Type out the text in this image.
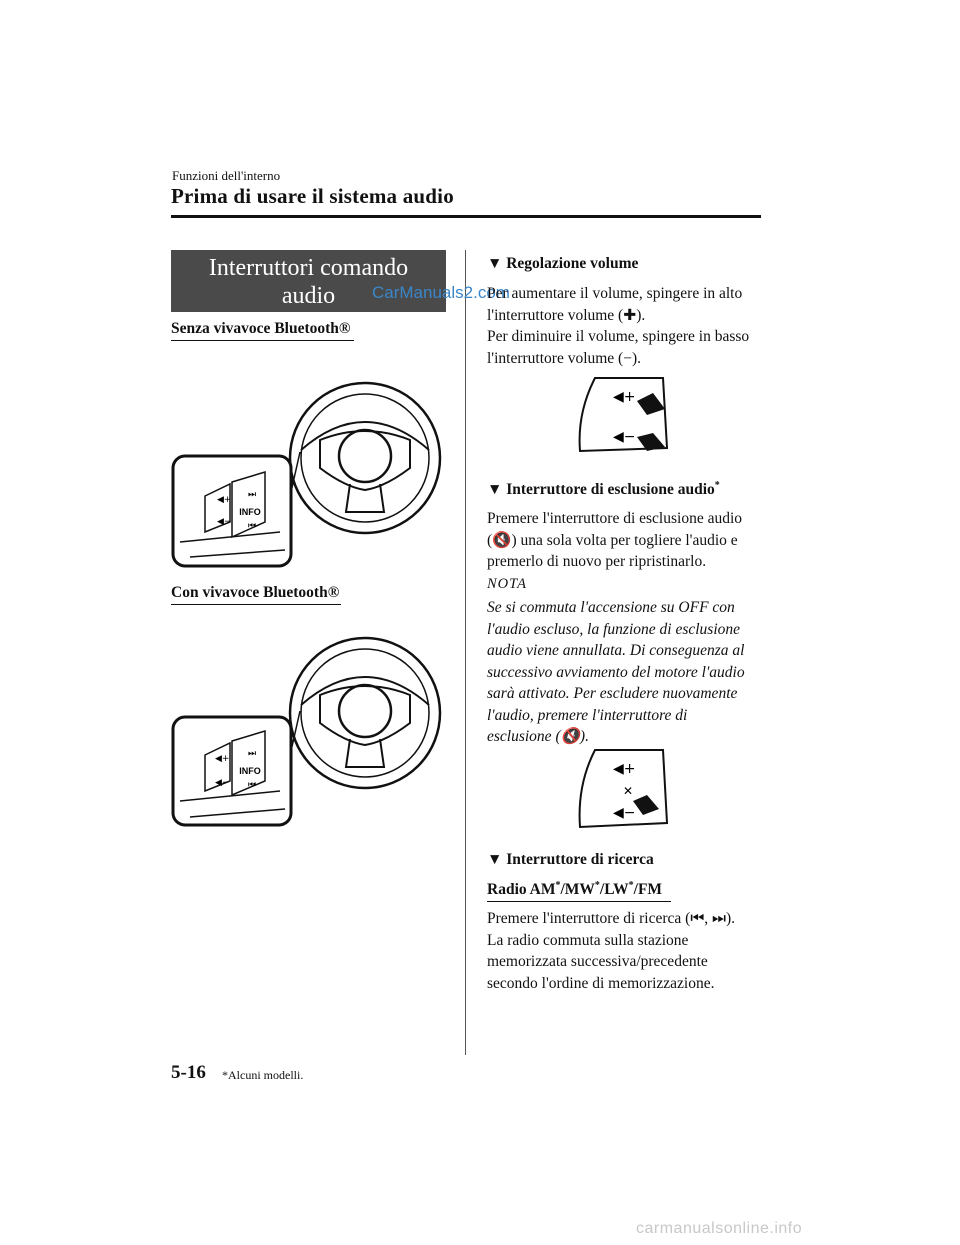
Funzioni dell'interno
Prima di usare il sistema audio
Interruttori comando
audio	CarManuals2.com
Senza vivavoce Bluetooth®
INFO
◀+
◀−
⏭
⏮
Con vivavoce Bluetooth®
INFO
◀+
◀−
⏭
⏮
▼ Regolazione volume
Per aumentare il volume, spingere in alto
l'interruttore volume (✚).
Per diminuire il volume, spingere in basso
l'interruttore volume (−).
◀+
◀−
▼ Interruttore di esclusione audio*
Premere l'interruttore di esclusione audio
(🔇) una sola volta per togliere l'audio e
premerlo di nuovo per ripristinarlo.
NOTA
Se si commuta l'accensione su OFF con
l'audio escluso, la funzione di esclusione
audio viene annullata. Di conseguenza al
successivo avviamento del motore l'audio
sarà attivato. Per escludere nuovamente
l'audio, premere l'interruttore di
esclusione (🔇).
◀+
✕
◀−
▼ Interruttore di ricerca
Radio AM*/MW*/LW*/FM
Premere l'interruttore di ricerca (⏮, ⏭).
La radio commuta sulla stazione
memorizzata successiva/precedente
secondo l'ordine di memorizzazione.
5-16 *Alcuni modelli.
carmanualsonline.info
